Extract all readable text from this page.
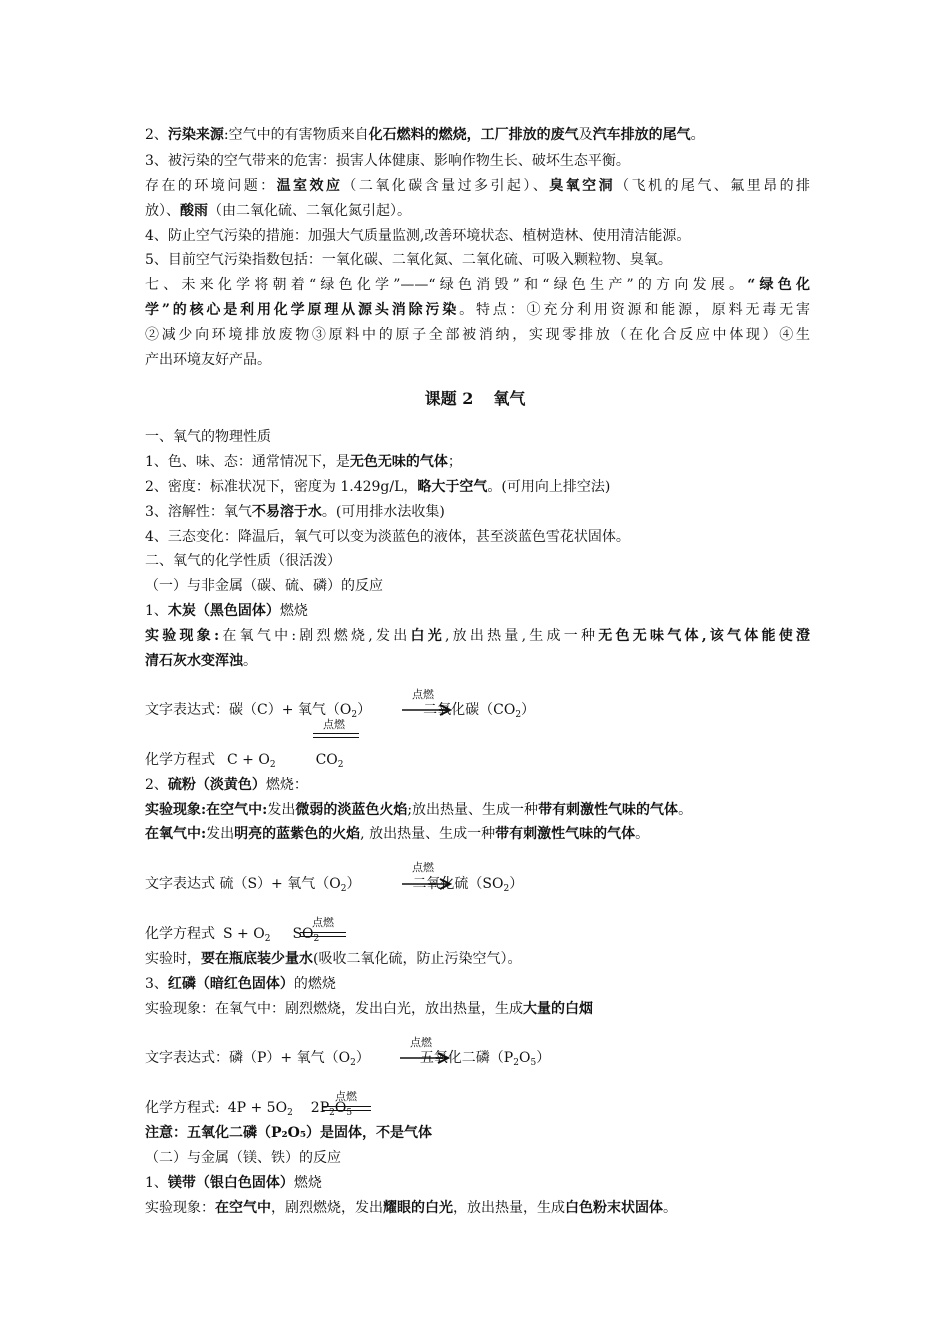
2、污染来源:空气中的有害物质来自化石燃料的燃烧，工厂排放的废气及汽车排放的尾气。
3、被污染的空气带来的危害：损害人体健康、影响作物生长、破坏生态平衡。
存在的环境问题：温室效应（二氧化碳含量过多引起）、臭氧空洞（飞机的尾气、氟里昂的排
放）、酸雨（由二氧化硫、二氧化氮引起）。
4、防止空气污染的措施：加强大气质量监测,改善环境状态、植树造林、使用清洁能源。
5、目前空气污染指数包括：一氧化碳、二氧化氮、二氧化硫、可吸入颗粒物、臭氧。
七、未来化学将朝着“绿色化学”——“绿色消毁”和“绿色生产”的方向发展。“绿色化
学”的核心是利用化学原理从源头消除污染。特点：①充分利用资源和能源，原料无毒无害
②减少向环境排放废物③原料中的原子全部被消纳，实现零排放（在化合反应中体现）④生
产出环境友好产品。
课题 2 氧气
一、氧气的物理性质
1、色、味、态：通常情况下，是无色无味的气体；
2、密度：标准状况下，密度为 1.429g/L，略大于空气。(可用向上排空法)
3、溶解性：氧气不易溶于水。(可用排水法收集)
4、三态变化：降温后，氧气可以变为淡蓝色的液体，甚至淡蓝色雪花状固体。
二、氧气的化学性质（很活泼）
（一）与非金属（碳、硫、磷）的反应
1、木炭（黑色固体）燃烧
实验现象:在氧气中:剧烈燃烧,发出白光,放出热量,生成一种无色无味气体,该气体能使澄
清石灰水变浑浊。
文字表达式：碳（C）+ 氧气$(O_2)$	二氧化碳$(CO_2)$
点燃
点燃
化学方程式 $C + O_2$	$CO_2$
2、硫粉（淡黄色）燃烧：
实验现象:在空气中:发出微弱的淡蓝色火焰;放出热量、生成一种带有刺激性气味的气体。
在氧气中:发出明亮的蓝紫色的火焰, 放出热量、生成一种带有刺激性气味的气体。
文字表达式 硫（S）+ 氧气$(O_2)$	二氧化硫$(SO_2)$
点燃
化学方程式 $S + O_2$ $SO_2$
点燃
实验时，要在瓶底装少量水(吸收二氧化硫，防止污染空气）。
3、红磷（暗红色固体）的燃烧
实验现象：在氧气中：剧烈燃烧，发出白光，放出热量，生成大量的白烟
文字表达式：磷（P）+ 氧气$(O_2)$	五氧化二磷$(P_2O_5)$
点燃
化学方程式: $4P + 5O_2$ $2P_2O_5$
点燃
注意：五氧化二磷（P₂O₅）是固体，不是气体
（二）与金属（镁、铁）的反应
1、镁带（银白色固体）燃烧
实验现象：在空气中，剧烈燃烧，发出耀眼的白光，放出热量，生成白色粉末状固体。
